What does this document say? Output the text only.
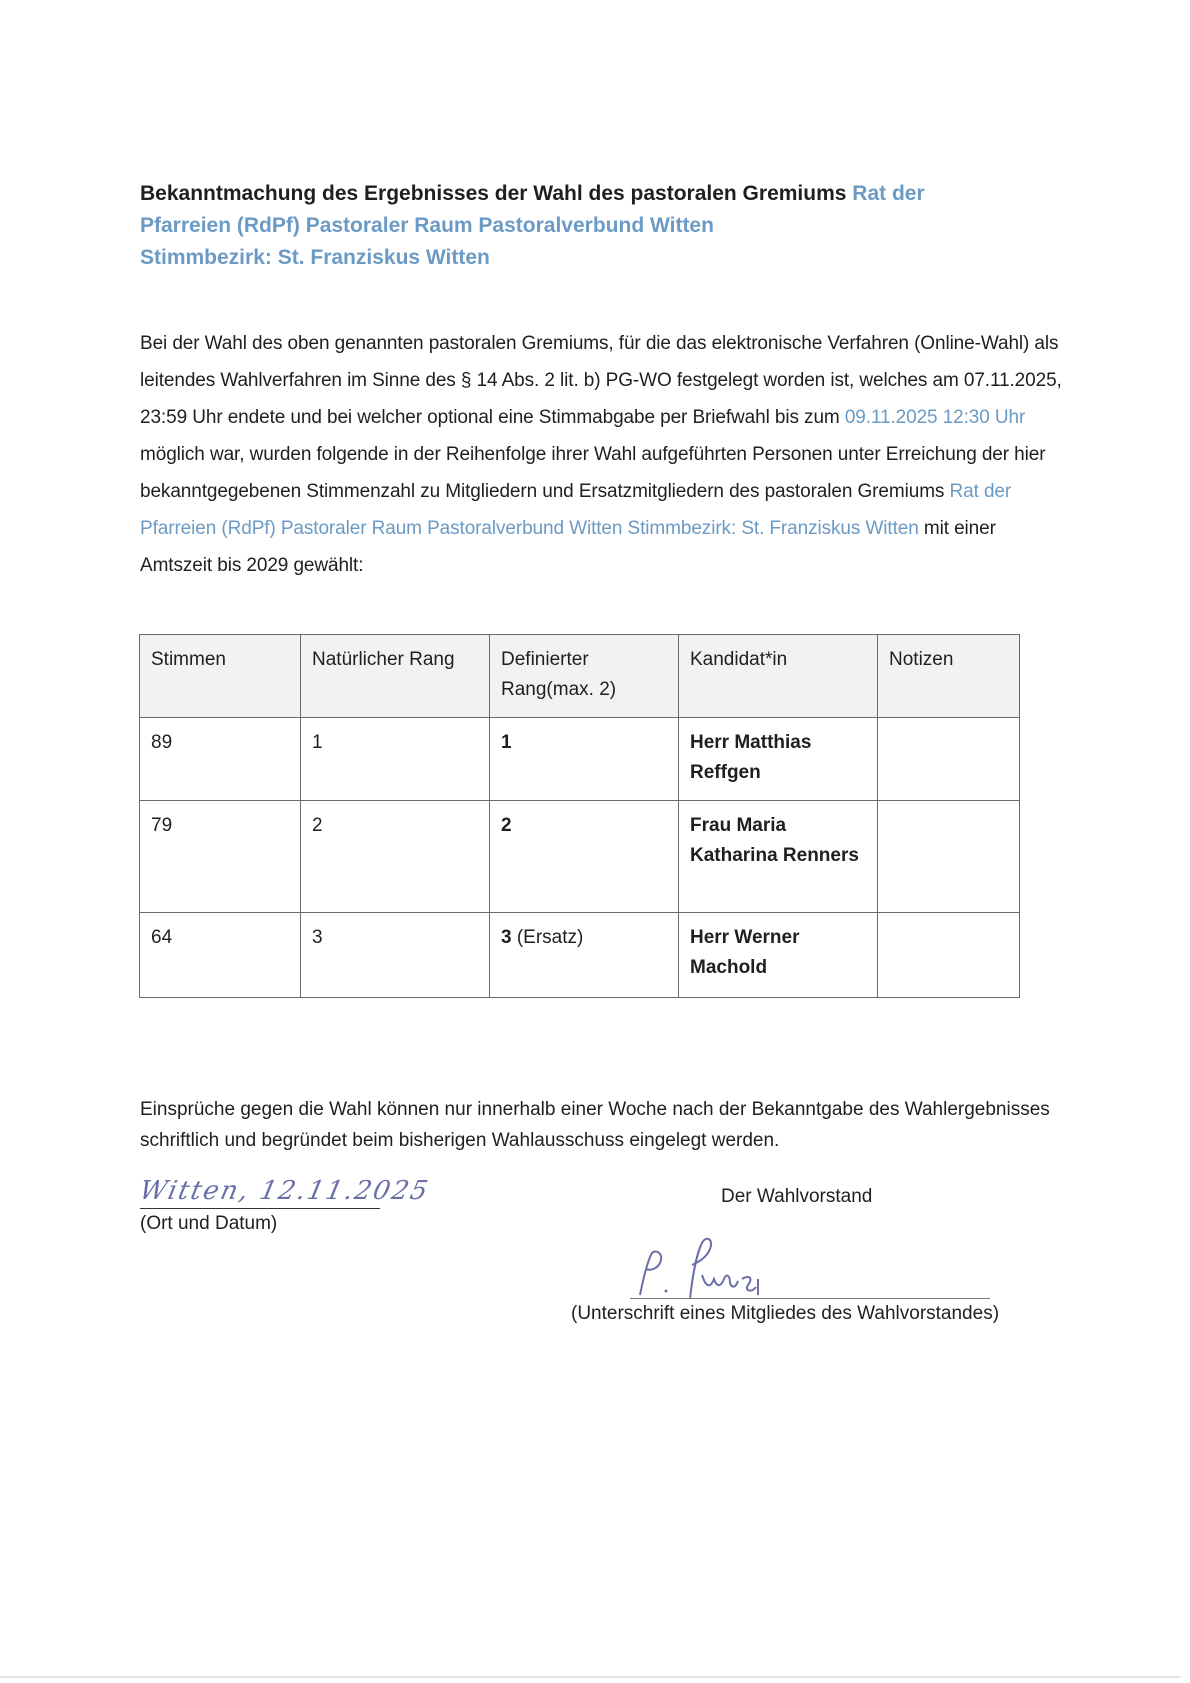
Bekanntmachung des Ergebnisses der Wahl des pastoralen Gremiums Rat der
Pfarreien (RdPf) Pastoraler Raum Pastoralverbund Witten
Stimmbezirk: St. Franziskus Witten
Bei der Wahl des oben genannten pastoralen Gremiums, für die das elektronische Verfahren (Online-Wahl) als leitendes Wahlverfahren im Sinne des § 14 Abs. 2 lit. b) PG-WO festgelegt worden ist, welches am 07.11.2025, 23:59 Uhr endete und bei welcher optional eine Stimmabgabe per Briefwahl bis zum 09.11.2025 12:30 Uhr möglich war, wurden folgende in der Reihenfolge ihrer Wahl aufgeführten Personen unter Erreichung der hier bekanntgegebenen Stimmenzahl zu Mitgliedern und Ersatzmitgliedern des pastoralen Gremiums Rat der Pfarreien (RdPf) Pastoraler Raum Pastoralverbund Witten Stimmbezirk: St. Franziskus Witten mit einer Amtszeit bis 2029 gewählt:
Stimmen	Natürlicher Rang	Definierter Rang(max. 2)	Kandidat*in	Notizen
89	1	1	Herr Matthias Reffgen	
79	2	2	Frau Maria Katharina Renners	
64	3	3 (Ersatz)	Herr Werner Machold	
Einsprüche gegen die Wahl können nur innerhalb einer Woche nach der Bekanntgabe des Wahlergebnisses schriftlich und begründet beim bisherigen Wahlausschuss eingelegt werden.
Witten, 12.11.2025
(Ort und Datum)
Der Wahlvorstand
(Unterschrift eines Mitgliedes des Wahlvorstandes)
